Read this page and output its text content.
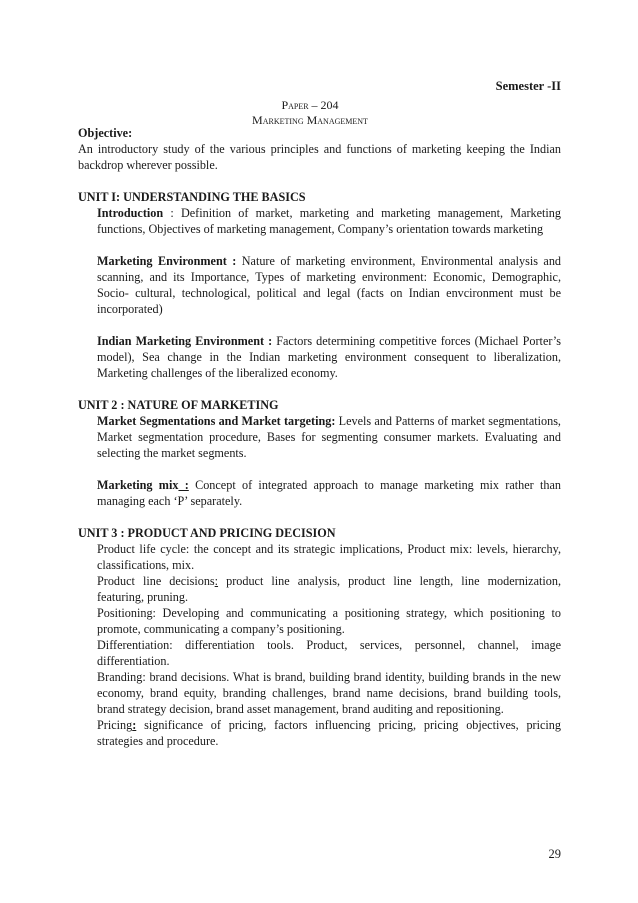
Semester -II
Paper – 204
Marketing Management
Objective:
An introductory study of the various principles and functions of marketing keeping the Indian backdrop wherever possible.
UNIT I: UNDERSTANDING THE BASICS
Introduction : Definition of market, marketing and marketing management, Marketing functions, Objectives of marketing management, Company’s orientation towards marketing
Marketing Environment : Nature of marketing environment, Environmental analysis and scanning, and its Importance, Types of marketing environment: Economic, Demographic, Socio- cultural, technological, political and legal (facts on Indian envcironment must be incorporated)
Indian Marketing Environment : Factors determining competitive forces (Michael Porter’s model), Sea change in the Indian marketing environment consequent to liberalization, Marketing challenges of the liberalized economy.
UNIT 2 : NATURE OF MARKETING
Market Segmentations and Market targeting: Levels and Patterns of market segmentations, Market segmentation procedure, Bases for segmenting consumer markets. Evaluating and selecting the market segments.
Marketing mix : Concept of integrated approach to manage marketing mix rather than managing each ‘P’ separately.
UNIT 3 : PRODUCT AND PRICING DECISION
Product life cycle: the concept and its strategic implications, Product mix: levels, hierarchy, classifications, mix.
Product line decisions: product line analysis, product line length, line modernization, featuring, pruning.
Positioning: Developing and communicating a positioning strategy, which positioning to promote, communicating a company’s positioning.
Differentiation: differentiation tools. Product, services, personnel, channel, image differentiation.
Branding: brand decisions. What is brand, building brand identity, building brands in the new economy, brand equity, branding challenges, brand name decisions, brand building tools, brand strategy decision, brand asset management, brand auditing and repositioning.
Pricing: significance of pricing, factors influencing pricing, pricing objectives, pricing strategies and procedure.
29
